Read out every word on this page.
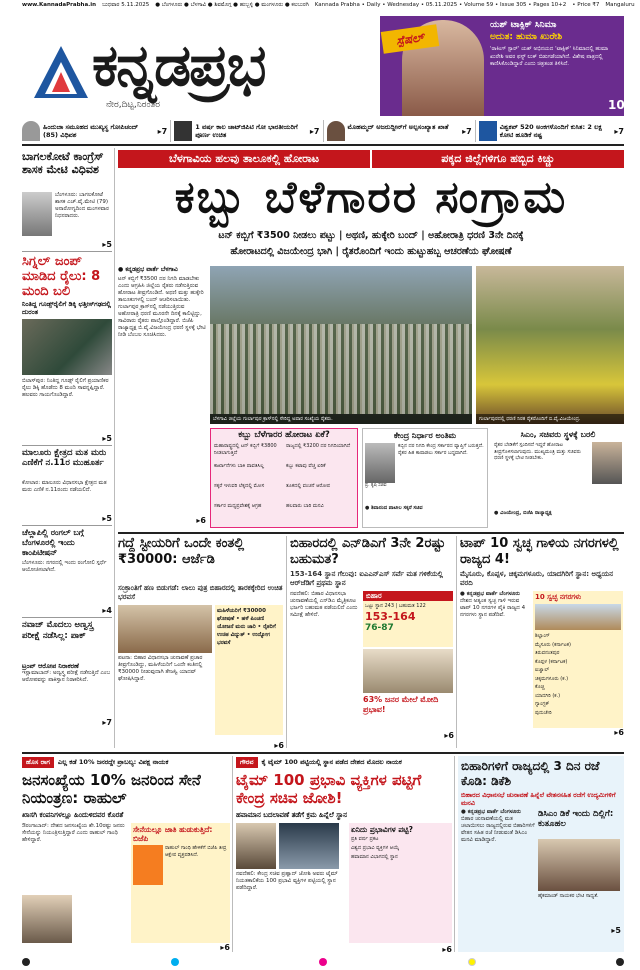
www.KannadaPrabha.in ಬುಧವಾರ 5.11.2025 ● ಬೆಂಗಳೂರು ● ಬೆಳಗಾವಿ ● ಶಿವಮೊಗ್ಗ ● ಹುಬ್ಬಳ್ಳಿ ● ಮಂಗಳೂರು ● ಕಲಬುರಗಿ Kannada Prabha • Daily • Wednesday • 05.11.2025 • Volume 59 • Issue 305 • Pages 10+2 • Price ₹7 Mangaluru
ಕನ್ನಡಪ್ರಭ
ನೇರ,ದಿಟ್ಟ,ನಿರಂತರ
ಸ್ಪೆಷಲ್
ಯಶ್ ಟಾಕ್ಸಿಕ್ ಸಿನಿಮಾ
ಅದುತ: ಹುಮಾ ಖುರೇಶಿ
'ರಾಕಿಂಗ್ ಸ್ಟಾರ್' ಯಶ್ ಅಭಿನಯದ 'ಟಾಕ್ಸಿಕ್' ಸಿನಿಮಾದಲ್ಲಿ ಹುಮಾ ಖುರೇಶಿ ಅವರ ಫಸ್ಟ್ ಲುಕ್ ಬಿಡುಗಡೆಯಾಗಿದೆ. ವಿಶೇಷ ಪಾತ್ರದಲ್ಲಿ ಕಾಣಿಸಿಕೊಂಡಿದ್ದಾರೆ ಎಂದು ಚಿತ್ರತಂಡ ತಿಳಿಸಿದೆ.
10
ಹಿಂದುಜಾ ಸಮೂಹದ ಮುಖ್ಯಸ್ಥ ಗೋಪಿಚಂದ್ (85) ವಿಧಿವಶ	▸7	1 ವರ್ಷ ಕಾಲ ಚಾಟ್‌ಜಿಪಿಟಿ ಗೋ ಭಾರತೀಯರಿಗೆ ಪೂರ್ಣ ಉಚಿತ	▸7	ಮೊಹಮ್ಮದ್ ಅಜರುದ್ದೀನ್‌ಗೆ ಅಲ್ಪಸಂಖ್ಯಾತ ಖಾತೆ	▸7	ವಿಶ್ವಕಪ್ 520 ಅಂಕಗಳೊಂದಿಗೆ ಕುಸಿತ: 2 ಲಕ್ಷ ಕೋಟಿ ಹೂಡಿಕೆ ನಷ್ಟ	▸7
ಬಾಗಲಕೋಟೆ ಕಾಂಗ್ರೆಸ್ ಶಾಸಕ ಮೇಟಿ ವಿಧಿವಶ
ಬೆಂಗಳೂರು: ಬಾಗಲಕೋಟೆ ಶಾಸಕ ಎಚ್.ವೈ.ಮೇಟಿ (79) ಅನಾರೋಗ್ಯದಿಂದ ಮಂಗಳವಾರ ನಿಧನರಾದರು.
▸5
ಸಿಗ್ನಲ್ ಜಂಪ್ ಮಾಡಿದ ರೈಲು: 8 ಮಂದಿ ಬಲಿ
ನಿಂತಿದ್ದ ಗೂಡ್ಸ್‌ರೈಲಿಗೆ ಡಿಕ್ಕಿ ಛತ್ತೀಸ್‌ಗಢದಲ್ಲಿ ದುರಂತ
ಬಿಲಾಸ್‌ಪುರ: ನಿಂತಿದ್ದ ಗೂಡ್ಸ್ ರೈಲಿಗೆ ಪ್ರಯಾಣಿಕರ ರೈಲು ಡಿಕ್ಕಿ ಹೊಡೆದು 8 ಮಂದಿ ಸಾವನ್ನಪ್ಪಿದ್ದಾರೆ. ಹಲವರು ಗಾಯಗೊಂಡಿದ್ದಾರೆ.
▸5
ಮಾಲೂರು ಕ್ಷೇತ್ರದ ಮತ ಮರು ಎಣಿಕೆಗೆ ನ.11ರ ಮುಹೂರ್ತ
ಕೋಲಾರ: ಮಾಲೂರು ವಿಧಾನಸಭಾ ಕ್ಷೇತ್ರದ ಮತ ಮರು ಎಣಿಕೆ ನ.11ರಂದು ನಡೆಯಲಿದೆ.
▸5
ಚೆಲ್ಲಾಪಿಲ್ಲಿ ರಂಗಲ್ ಬಗ್ಗೆ ಬೆಂಗಳೂರಲ್ಲಿ ಇಂದು ಕಾಂಪಿಟೀಷನ್
ಬೆಂಗಳೂರು: ನಗರದಲ್ಲಿ ಇಂದು ರಂಗೋಲಿ ಸ್ಪರ್ಧೆ ಆಯೋಜಿಸಲಾಗಿದೆ.
▸4
ನವಾಜ್‌ ಮೊದಲು ಅಣ್ವಸ್ತ್ರ ಪರೀಕ್ಷೆ ನಡೆಸಿಲ್ಲ: ಪಾಕ್
ಟ್ರಂಪ್ ಆರೋಪ ನಿರಾಕರಣೆ
ಇಸ್ಲಾಮಾಬಾದ್: ಅಣ್ವಸ್ತ್ರ ಪರೀಕ್ಷೆ ನಡೆಸುತ್ತಿದೆ ಎಂಬ ಆರೋಪವನ್ನು ಪಾಕಿಸ್ತಾನ ನಿರಾಕರಿಸಿದೆ.
▸7
ಬೆಳಗಾವಿಯ ಹಲವು ತಾಲೂಕಲ್ಲಿ ಹೋರಾಟ	ಪಕ್ಕದ ಜಿಲ್ಲೆಗಳಿಗೂ ಹಬ್ಬಿದ ಕಿಚ್ಚು
ಕಬ್ಬು ಬೆಳೆಗಾರರ ಸಂಗ್ರಾಮ
ಟನ್ ಕಬ್ಬಿಗೆ ₹3500 ನೀಡಲು ಪಟ್ಟು | ಅಥಣಿ, ಹುಕ್ಕೇರಿ ಬಂದ್ | ಅಹೋರಾತ್ರಿ ಧರಣಿ 3ನೇ ದಿನಕ್ಕೆ
ಹೋರಾಟದಲ್ಲಿ ವಿಜಯೇಂದ್ರ ಭಾಗಿ | ರೈತರೊಂದಿಗೆ ಇಂದು ಹುಟ್ಟುಹಬ್ಬ ಆಚರಣೆಯ ಘೋಷಣೆ
● ಕನ್ನಡಪ್ರಭ ವಾರ್ತೆ ಬೆಳಗಾವಿ
ಟನ್ ಕಬ್ಬಿಗೆ ₹3500 ದರ ನಿಗದಿ ಮಾಡಬೇಕು ಎಂದು ಆಗ್ರಹಿಸಿ ಜಿಲ್ಲೆಯ ರೈತರು ನಡೆಸುತ್ತಿರುವ ಹೋರಾಟ ತೀವ್ರಗೊಂಡಿದೆ. ಅಥಣಿ ಮತ್ತು ಹುಕ್ಕೇರಿ ತಾಲೂಕುಗಳಲ್ಲಿ ಬಂದ್ ಆಚರಿಸಲಾಯಿತು. ಗುರ್ಲಾಪುರ ಕ್ರಾಸ್‌ನಲ್ಲಿ ನಡೆಯುತ್ತಿರುವ ಅಹೋರಾತ್ರಿ ಧರಣಿ ಮೂರನೇ ದಿನಕ್ಕೆ ಕಾಲಿಟ್ಟಿದ್ದು, ಸಾವಿರಾರು ರೈತರು ಪಾಲ್ಗೊಂಡಿದ್ದಾರೆ. ಬಿಜೆಪಿ ರಾಜ್ಯಾಧ್ಯಕ್ಷ ಬಿ.ವೈ.ವಿಜಯೇಂದ್ರ ಧರಣಿ ಸ್ಥಳಕ್ಕೆ ಭೇಟಿ ನೀಡಿ ಬೆಂಬಲ ಸೂಚಿಸಿದರು.
▸6
ಬೆಳಗಾವಿ ಜಿಲ್ಲೆಯ ಗುರ್ಲಾಪುರ ಕ್ರಾಸ್‌ನಲ್ಲಿ ಸೇರಿದ್ದ ಅಪಾರ ಸಂಖ್ಯೆಯ ರೈತರು.	ಗುರ್ಲಾಪುರದಲ್ಲಿ ಧರಣಿ ನಿರತ ರೈತರೊಂದಿಗೆ ಬಿ.ವೈ.ವಿಜಯೇಂದ್ರ.
ಕಬ್ಬು ಬೆಳೆಗಾರರ ಹೋರಾಟ ಏಕೆ?
ಮಹಾರಾಷ್ಟ್ರದಲ್ಲಿ ಟನ್ ಕಬ್ಬಿಗೆ ₹3800 ನೀಡಲಾಗುತ್ತಿದೆ
ರಾಜ್ಯದಲ್ಲಿ ₹3200 ದರ ನಿಗದಿಯಾಗಿದೆ
ಕಾರ್ಖಾನೆಗಳು ಬಾಕಿ ಪಾವತಿಸಿಲ್ಲ	ಕಬ್ಬು ಕಟಾವು ವೆಚ್ಚ ಏರಿಕೆ
ಸಕ್ಕರೆ ಇಳುವರಿ ಲೆಕ್ಕದಲ್ಲಿ ಮೋಸ	ತೂಕದಲ್ಲಿ ವಂಚನೆ ಆರೋಪ
ಸರ್ಕಾರ ಮಧ್ಯಪ್ರವೇಶಕ್ಕೆ ಆಗ್ರಹ	ಹಲವಾರು ಬಾರಿ ಮನವಿ
ಕೇಂದ್ರ ನಿರ್ಧಾರ ಅಂತಿಮ
ಪ್ರ. ಕೃಷಿ ಸಚಿವ
ಕಬ್ಬಿನ ದರ ನಿಗದಿ ಕೇಂದ್ರ ಸರ್ಕಾರದ ವ್ಯಾಪ್ತಿಗೆ ಬರುತ್ತದೆ. ರೈತರ ಹಿತ ಕಾಪಾಡಲು ಸರ್ಕಾರ ಬದ್ಧವಾಗಿದೆ.
● ಶಿವಾನಂದ ಪಾಟೀಲ ಸಕ್ಕರೆ ಸಚಿವ
ಸಿಎಂ, ಸಚಿವರು ಸ್ಥಳಕ್ಕೆ ಬರಲಿ
ರೈತರ ಬೇಡಿಕೆಗೆ ಸ್ಪಂದಿಸದೆ ಇದ್ದರೆ ಹೋರಾಟ ತೀವ್ರಗೊಳಿಸಲಾಗುವುದು. ಮುಖ್ಯಮಂತ್ರಿ ಮತ್ತು ಸಚಿವರು ಧರಣಿ ಸ್ಥಳಕ್ಕೆ ಭೇಟಿ ನೀಡಬೇಕು.
● ವಿಜಯೇಂದ್ರ, ಬಿಜೆಪಿ ರಾಜ್ಯಾಧ್ಯಕ್ಷ
ಗದ್ದೆ ಸ್ಟೀಯರಿಗೆ ಒಂದೇ ಕಂತಲ್ಲಿ ₹30000: ಆರ್ಜೆಡಿ
ಸಂಕ್ರಾಂತಿಗೆ ಹಣ ಬಿಡುಗಡೆ: ಲಾಲು ಪುತ್ರ ಬಿಹಾರದಲ್ಲಿ ತಾರಕಕ್ಕೇರಿದ ಉಚಿತ ಭರವಸೆ
ಪಟನಾ: ಬಿಹಾರ ವಿಧಾನಸಭಾ ಚುನಾವಣೆ ಪ್ರಚಾರ ತೀವ್ರಗೊಂಡಿದ್ದು, ಮಹಿಳೆಯರಿಗೆ ಒಂದೇ ಕಂತಿನಲ್ಲಿ ₹30000 ನೀಡುವುದಾಗಿ ತೇಜಸ್ವಿ ಯಾದವ್ ಘೋಷಿಸಿದ್ದಾರೆ.
ಮಹಿಳೆಯರಿಗೆ ₹30000 ಘೋಷಣೆ • ಹಳೆ ಪಿಂಚಣಿ ಯೋಜನೆ ಮರು ಜಾರಿ • ರೈತರಿಗೆ ಉಚಿತ ವಿದ್ಯುತ್ • ಉದ್ಯೋಗ ಭರವಸೆ
▸6
ಬಿಹಾರದಲ್ಲಿ ಎನ್‌ಡಿಎಗೆ 3ನೇ 2ರಷ್ಟು ಬಹುಮತ?
153-164 ಸ್ಥಾನ ಗೆಲುವು: ಐಎಎನ್‌ಎಸ್ ಸರ್ವೆ ಮತ ಗಳಿಕೆಯಲ್ಲಿ ಆರ್‌ಜೆಡಿಗೆ ಪ್ರಥಮ ಸ್ಥಾನ
ನವದೆಹಲಿ: ಬಿಹಾರ ವಿಧಾನಸಭಾ ಚುನಾವಣೆಯಲ್ಲಿ ಎನ್‌ಡಿಎ ಮೈತ್ರಿಕೂಟ ಭರ್ಜರಿ ಬಹುಮತ ಪಡೆಯಲಿದೆ ಎಂದು ಸಮೀಕ್ಷೆ ಹೇಳಿದೆ.
ಬಿಹಾರ
ಒಟ್ಟು ಸ್ಥಾನ 243 | ಬಹುಮತ 122
153-164
76-87
63% ಜನರ ಮೇಲೆ ಮೋದಿ ಪ್ರಭಾವ!
▸6
ಟಾಪ್ 10 ಸ್ವಚ್ಛ ಗಾಳಿಯ ನಗರಗಳಲ್ಲಿ ರಾಜ್ಯದ 4!
ಮೈಸೂರು, ಕೊಪ್ಪಳ, ಚಿಕ್ಕಮಗಳೂರು, ಯಾದಗಿರಿಗೆ ಸ್ಥಾನ: ಅಧ್ಯಯನ ವರದಿ
● ಕನ್ನಡಪ್ರಭ ವಾರ್ತೆ ಬೆಂಗಳೂರು
ದೇಶದ ಅತ್ಯಂತ ಸ್ವಚ್ಛ ಗಾಳಿ ಇರುವ ಟಾಪ್ 10 ನಗರಗಳ ಪೈಕಿ ರಾಜ್ಯದ 4 ನಗರಗಳು ಸ್ಥಾನ ಪಡೆದಿವೆ.
10 ಸ್ವಚ್ಛ ನಗರಗಳು
ಶಿಲ್ಲಾಂಗ್
ಮೈಸೂರು (ಕರ್ನಾಟಕ)
ತಿರುವನಂತಪುರ
ಕೊಪ್ಪಳ (ಕರ್ನಾಟಕ)
ಐಜ್ವಾಲ್
ಚಿಕ್ಕಮಗಳೂರು (ಕ.)
ಕೊಚ್ಚಿ
ಯಾದಗಿರಿ (ಕ.)
ಗ್ಯಾಂಗ್ಟಕ್
ಪುದುಚೇರಿ
▸6
ಹೊಸ ರಾಗ	ಎಲ್ಲ ಕಡೆ 10% ಜನರದ್ದೇ ಪ್ರಾಬಲ್ಯ: ವಿಪಕ್ಷ ನಾಯಕ
ಜನಸಂಖ್ಯೆಯ 10% ಜನರಿಂದ ಸೇನೆ ನಿಯಂತ್ರಣ: ರಾಹುಲ್
ಖಾಸಗಿ ಕಂಪನಿಗಳಲ್ಲೂ ಹಿಂದುಳಿದವರ ಕೊರತೆ
ಔರಂಗಾಬಾದ್: ದೇಶದ ಜನಸಂಖ್ಯೆಯ ಶೇ.10ರಷ್ಟು ಜನರು ಸೇನೆಯನ್ನು ನಿಯಂತ್ರಿಸುತ್ತಿದ್ದಾರೆ ಎಂದು ರಾಹುಲ್ ಗಾಂಧಿ ಹೇಳಿದ್ದಾರೆ.
ಸೇನೆಯಲ್ಲೂ ಜಾತಿ ಹುಡುಕುತ್ತಿದೆ: ಬಿಜೆಪಿ
ರಾಹುಲ್ ಗಾಂಧಿ ಹೇಳಿಕೆಗೆ ಬಿಜೆಪಿ ತೀವ್ರ ಆಕ್ಷೇಪ ವ್ಯಕ್ತಪಡಿಸಿದೆ.
▸6
ಗೌರವ	ಕೈ ಟೈಮ್ 100 ಪಟ್ಟಿಯಲ್ಲಿ ಸ್ಥಾನ ಪಡೆದ ದೇಶದ ಮೊದಲ ನಾಯಕ
ಟೈಮ್ 100 ಪ್ರಭಾವಿ ವ್ಯಕ್ತಿಗಳ ಪಟ್ಟಿಗೆ ಕೇಂದ್ರ ಸಚಿವ ಜೋಶಿ!
ಹವಾಮಾನ ಬದಲಾವಣೆ ತಡೆಗೆ ಕ್ರಮ ಹಿನ್ನೆಲೆ ಸ್ಥಾನ
ನವದೆಹಲಿ: ಕೇಂದ್ರ ಸಚಿವ ಪ್ರಹ್ಲಾದ್ ಜೋಶಿ ಅವರು ಟೈಮ್ ನಿಯತಕಾಲಿಕೆಯ 100 ಪ್ರಭಾವಿ ವ್ಯಕ್ತಿಗಳ ಪಟ್ಟಿಯಲ್ಲಿ ಸ್ಥಾನ ಪಡೆದಿದ್ದಾರೆ.
ಏನಿದು ಪ್ರಭಾವಿಗಳ ಪಟ್ಟಿ?
ಪ್ರತಿ ವರ್ಷ ಪ್ರಕಟ
ವಿಶ್ವದ ಪ್ರಭಾವಿ ವ್ಯಕ್ತಿಗಳ ಆಯ್ಕೆ
ಹವಾಮಾನ ವಿಭಾಗದಲ್ಲಿ ಸ್ಥಾನ
▸6
ಬಿಹಾರಿಗಳಿಗೆ ರಾಜ್ಯದಲ್ಲಿ 3 ದಿನ ರಜೆ ಕೊಡಿ: ಡಿಕೆಶಿ
ಬಿಹಾರದ ವಿಧಾನಸಭೆ ಚುನಾವಣೆ ಹಿನ್ನೆಲೆ ವೇತನಸಹಿತ ರಜೆಗೆ ಉದ್ಯಮಿಗಳಿಗೆ ಮನವಿ
● ಕನ್ನಡಪ್ರಭ ವಾರ್ತೆ ಬೆಂಗಳೂರು
ಬಿಹಾರ ಚುನಾವಣೆಯಲ್ಲಿ ಮತ ಚಲಾಯಿಸಲು ರಾಜ್ಯದಲ್ಲಿರುವ ಬಿಹಾರಿಗಳಿಗೆ ವೇತನ ಸಹಿತ ರಜೆ ನೀಡುವಂತೆ ಡಿಸಿಎಂ ಮನವಿ ಮಾಡಿದ್ದಾರೆ.
ಡಿಸಿಎಂ ಡಿಕೆ ಇಂದು ದಿಲ್ಲಿಗೆ: ಕುತೂಹಲ
ಹೈಕಮಾಂಡ್ ನಾಯಕರ ಭೇಟಿ ಸಾಧ್ಯತೆ.
▸5
